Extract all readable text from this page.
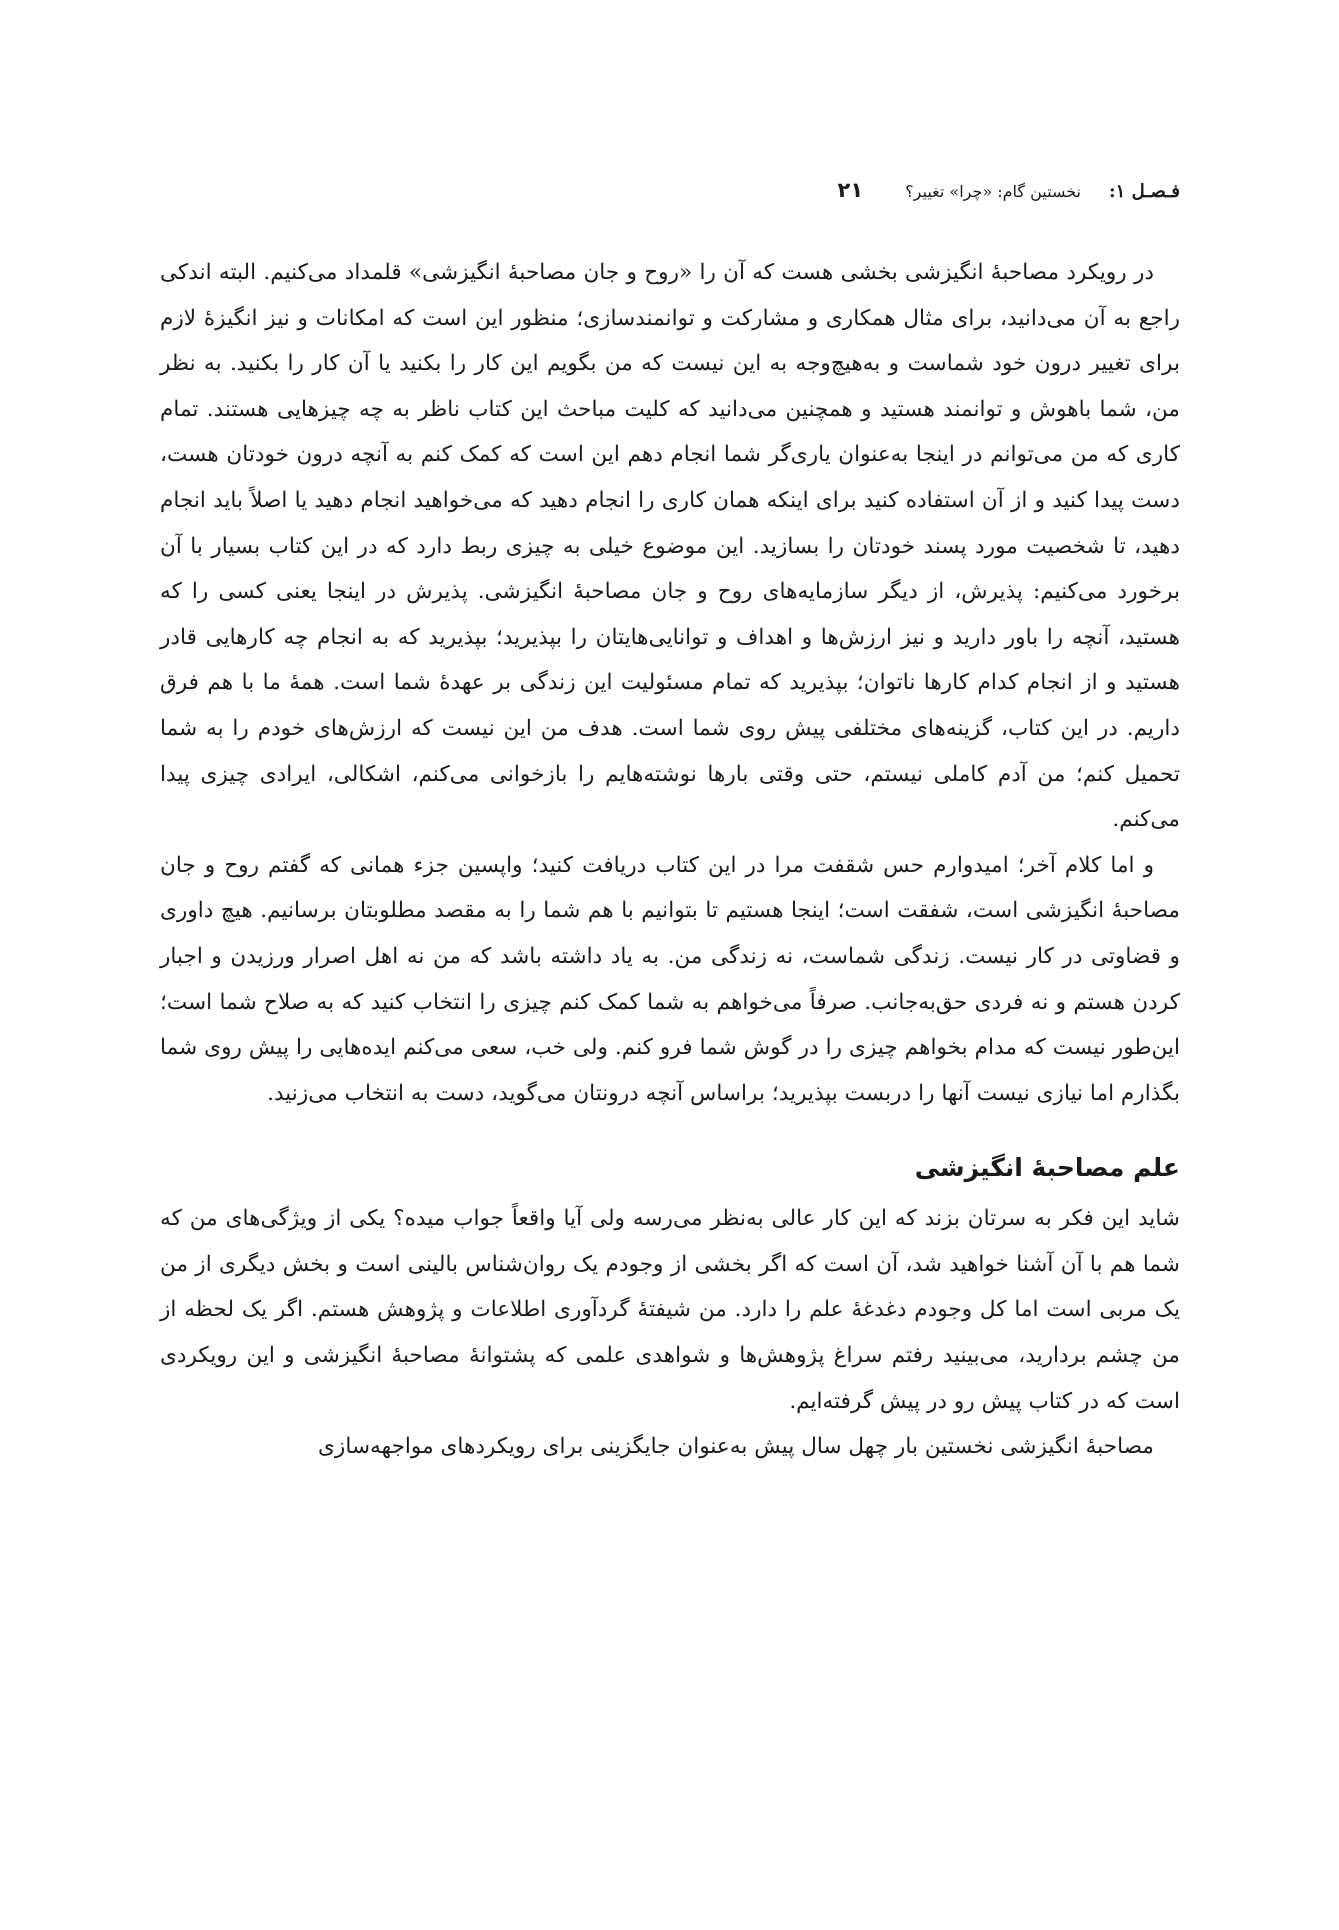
فـصـل ۱:
نخستین گام: «چرا» تغییر؟
۲۱

در رویکرد مصاحبهٔ انگیزشی بخشی هست که آن را «روح و جان مصاحبهٔ انگیزشی» قلمداد می‌کنیم. البته اندکی راجع به آن می‌دانید، برای مثال همکاری و مشارکت و توانمندسازی؛ منظور این است که امکانات و نیز انگیزهٔ لازم برای تغییر درون خود شماست و به‌هیچ‌وجه به این نیست که من بگویم این کار را بکنید یا آن کار را بکنید. به نظر من، شما باهوش و توانمند هستید و همچنین می‌دانید که کلیت مباحث این کتاب ناظر به چه چیزهایی هستند. تمام کاری که من می‌توانم در اینجا به‌عنوان یاری‌گر شما انجام دهم این است که کمک کنم به آنچه درون خودتان هست، دست پیدا کنید و از آن استفاده کنید برای اینکه همان کاری را انجام دهید که می‌خواهید انجام دهید یا اصلاً باید انجام دهید، تا شخصیت مورد پسند خودتان را بسازید. این موضوع خیلی به چیزی ربط دارد که در این کتاب بسیار با آن برخورد می‌کنیم: پذیرش، از دیگر سازمایه‌های روح و جان مصاحبهٔ انگیزشی. پذیرش در اینجا یعنی کسی را که هستید، آنچه را باور دارید و نیز ارزش‌ها و اهداف و توانایی‌هایتان را بپذیرید؛ بپذیرید که به انجام چه کارهایی قادر هستید و از انجام کدام کارها ناتوان؛ بپذیرید که تمام مسئولیت این زندگی بر عهدهٔ شما است. همهٔ ما با هم فرق داریم. در این کتاب، گزینه‌های مختلفی پیش روی شما است. هدف من این نیست که ارزش‌های خودم را به شما تحمیل کنم؛ من آدم کاملی نیستم، حتی وقتی بارها نوشته‌هایم را بازخوانی می‌کنم، اشکالی، ایرادی چیزی پیدا می‌کنم.

و اما کلام آخر؛ امیدوارم حس شقفت مرا در این کتاب دریافت کنید؛ واپسین جزء همانی که گفتم روح و جان مصاحبهٔ انگیزشی است، شفقت است؛ اینجا هستیم تا بتوانیم با هم شما را به مقصد مطلوبتان برسانیم. هیچ داوری و قضاوتی در کار نیست. زندگی شماست، نه زندگی من. به یاد داشته باشد که من نه اهل اصرار ورزیدن و اجبار کردن هستم و نه فردی حق‌به‌جانب. صرفاً می‌خواهم به شما کمک کنم چیزی را انتخاب کنید که به صلاح شما است؛ این‌طور نیست که مدام بخواهم چیزی را در گوش شما فرو کنم. ولی خب، سعی می‌کنم ایده‌هایی را پیش روی شما بگذارم اما نیازی نیست آنها را دربست بپذیرید؛ براساس آنچه درونتان می‌گوید، دست به انتخاب می‌زنید.

علم مصاحبهٔ انگیزشی

شاید این فکر به سرتان بزند که این کار عالی به‌نظر می‌رسه ولی آیا واقعاً جواب میده؟ یکی از ویژگی‌های من که شما هم با آن آشنا خواهید شد، آن است که اگر بخشی از وجودم یک روان‌شناس بالینی است و بخش دیگری از من یک مربی است اما کل وجودم دغدغهٔ علم را دارد. من شیفتهٔ گردآوری اطلاعات و پژوهش هستم. اگر یک لحظه از من چشم بردارید، می‌بینید رفتم سراغ پژوهش‌ها و شواهدی علمی که پشتوانهٔ مصاحبهٔ انگیزشی و این رویکردی است که در کتاب پیش رو در پیش گرفته‌ایم.

مصاحبهٔ انگیزشی نخستین بار چهل سال پیش به‌عنوان جایگزینی برای رویکردهای مواجهه‌سازی
